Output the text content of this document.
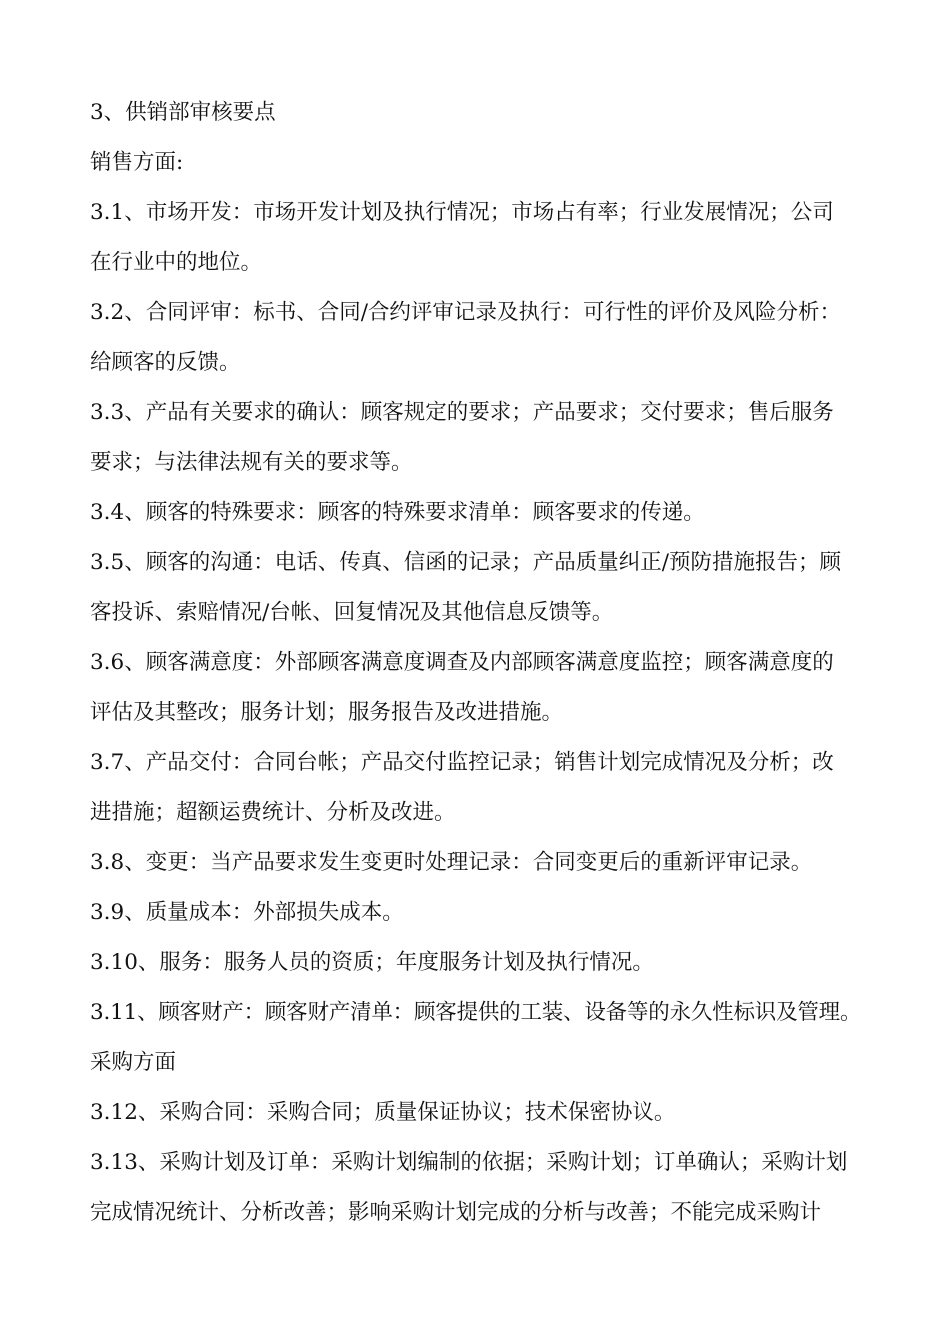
3、供销部审核要点
销售方面:
3.1、市场开发：市场开发计划及执行情况；市场占有率；行业发展情况；公司
在行业中的地位。
3.2、合同评审：标书、合同/合约评审记录及执行：可行性的评价及风险分析：
给顾客的反馈。
3.3、产品有关要求的确认：顾客规定的要求；产品要求；交付要求；售后服务
要求；与法律法规有关的要求等。
3.4、顾客的特殊要求：顾客的特殊要求清单：顾客要求的传递。
3.5、顾客的沟通：电话、传真、信函的记录；产品质量纠正/预防措施报告；顾
客投诉、索赔情况/台帐、回复情况及其他信息反馈等。
3.6、顾客满意度：外部顾客满意度调查及内部顾客满意度监控；顾客满意度的
评估及其整改；服务计划；服务报告及改进措施。
3.7、产品交付：合同台帐；产品交付监控记录；销售计划完成情况及分析；改
进措施；超额运费统计、分析及改进。
3.8、变更：当产品要求发生变更时处理记录：合同变更后的重新评审记录。
3.9、质量成本：外部损失成本。
3.10、服务：服务人员的资质；年度服务计划及执行情况。
3.11、顾客财产：顾客财产清单：顾客提供的工装、设备等的永久性标识及管理。
采购方面
3.12、采购合同：采购合同；质量保证协议；技术保密协议。
3.13、采购计划及订单：采购计划编制的依据；采购计划；订单确认；采购计划
完成情况统计、分析改善；影响采购计划完成的分析与改善；不能完成采购计
